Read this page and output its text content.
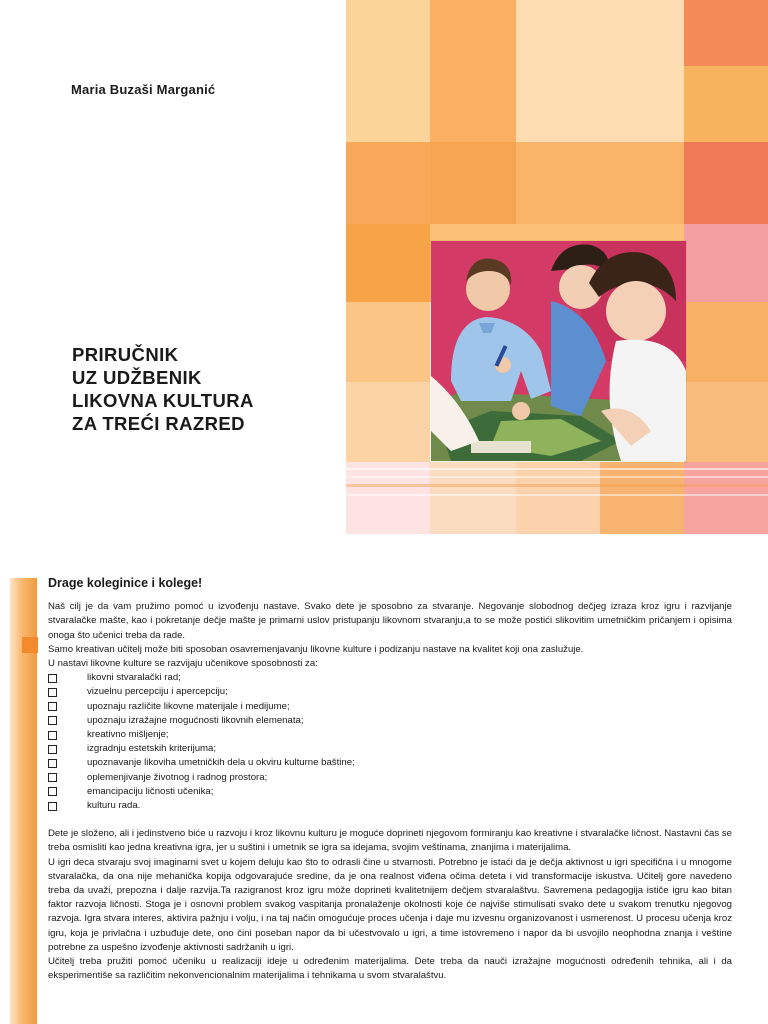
Maria Buzaši Marganić
PRIRUČNIK
UZ UDŽBENIK
LIKOVNA KULTURA
ZA TREĆI RAZRED
Drage koleginice i kolege!

Naš cilj je da vam pružimo pomoć u izvođenju nastave. Svako dete je sposobno za stvaranje. Negovanje slobodnog dečjeg izraza kroz igru i razvijanje stvaralačke mašte, kao i pokretanje dečje mašte je primarni uslov pristupanju likovnom stvaranju,a to se može postići slikovitim umetničkim pričanjem i opisima onoga što učenici treba da rade.

Samo kreativan učitelj može biti sposoban osavremenjavanju likovne kulture i podizanju nastave na kvalitet koji ona zaslužuje.

U nastavi likovne kulture se razvijaju učenikove sposobnosti za:

likovni stvaralački rad;
vizuelnu percepciju i apercepciju;
upoznaju različite likovne materijale i medijume;
upoznaju izražajne mogućnosti likovnih elemenata;
kreativno mišljenje;
izgradnju estetskih kriterijuma;
upoznavanje likoviha umetničkih dela u okviru kulturne baštine;
oplemenjivanje životnog i radnog prostora;
emancipaciju ličnosti učenika;
kulturu rada.

Dete je složeno, ali i jedinstveno biće u razvoju i kroz likovnu kulturu je moguće doprineti njegovom formiranju kao kreativne i stvaralačke ličnost. Nastavni čas se treba osmisliti kao jedna kreativna igra, jer u suštini i umetnik se igra sa idejama, svojim veštinama, znanjima i materijalima.

U igri deca stvaraju svoj imaginarni svet u kojem deluju kao što to odrasli čine u stvarnosti. Potrebno je istaći da je dečja aktivnost u igri specifična i u mnogome stvaralačka, da ona nije mehanička kopija odgovarajuće sredine, da je ona realnost viđena očima deteta i vid transformacije iskustva. Učitelj gore navedeno treba da uvaži, prepozna i dalje razvija.Ta razigranost kroz igru može doprineti kvalitetnijem dečjem stvaralaštvu. Savremena pedagogija ističe igru kao bitan faktor razvoja ličnosti. Stoga je i osnovni problem svakog vaspitanja pronalaženje okolnosti koje će najviše stimulisati svako dete u svakom trenutku njegovog razvoja. Igra stvara interes, aktivira pažnju i volju, i na taj način omogućuje proces učenja i daje mu izvesnu organizovanost i usmerenost. U procesu učenja kroz igru, koja je privlačna i uzbuđuje dete, ono čini poseban napor da bi učestvovalo u igri, a time istovremeno i napor da bi usvojilo neophodna znanja i veštine potrebne za uspešno izvođenje aktivnosti sadržanih u igri.

Učitelj treba pružiti pomoć učeniku u realizaciji ideje u određenim materijalima. Dete treba da nauči izražajne mogućnosti određenih tehnika, ali i da eksperimentiše sa različitim nekonvencionalnim materijalima i tehnikama u svom stvaralaštvu.
